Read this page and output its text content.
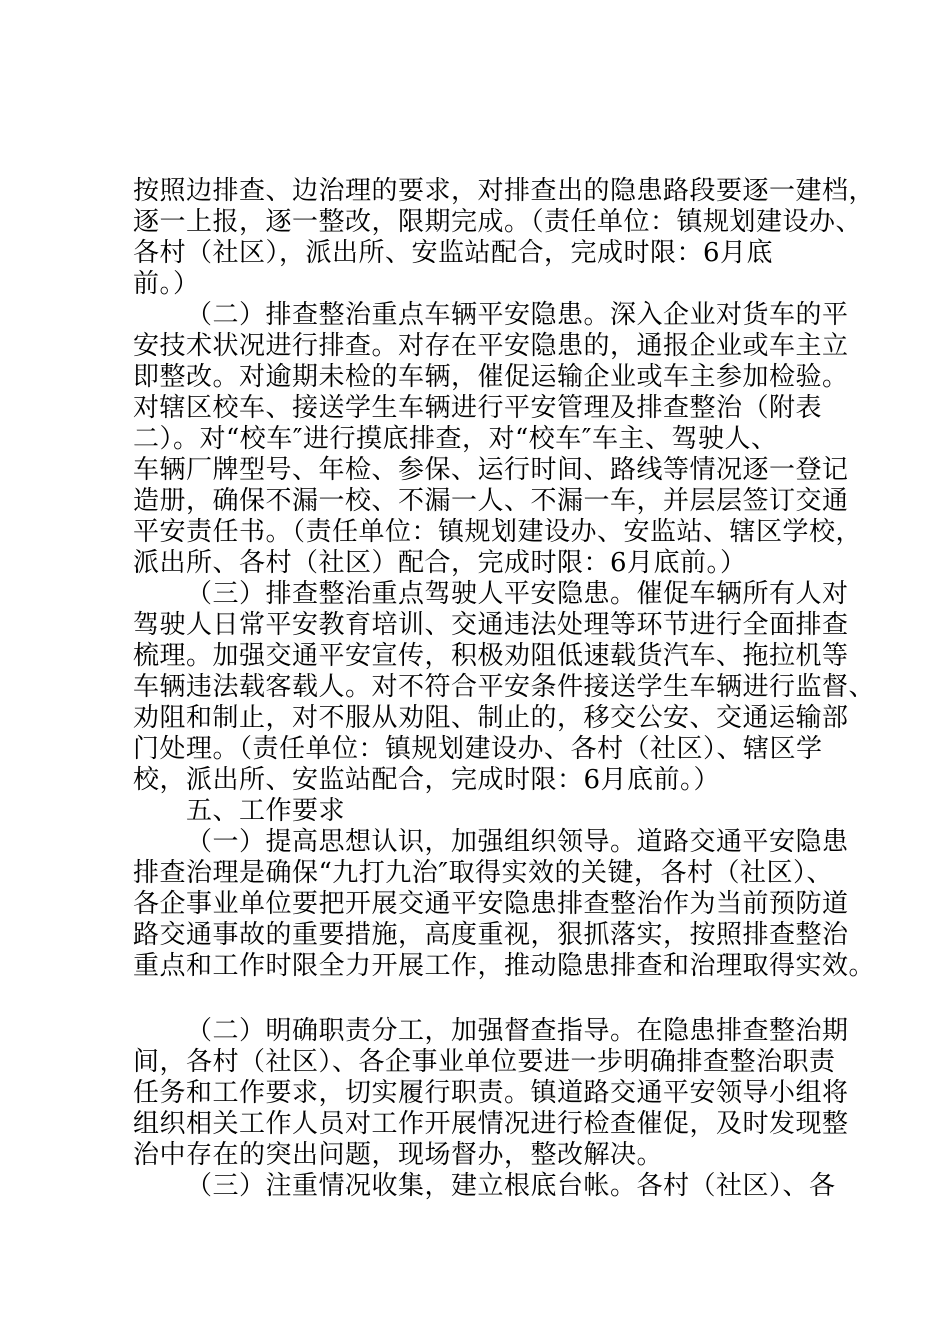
按照边排查、边治理的要求，对排查出的隐患路段要逐一建档，

逐一上报，逐一整改，限期完成。（责任单位：镇规划建设办、

各村（社区），派出所、安监站配合，完成时限：6月底

前。）

（二）排查整治重点车辆平安隐患。深入企业对货车的平

安技术状况进行排查。对存在平安隐患的，通报企业或车主立

即整改。对逾期未检的车辆，催促运输企业或车主参加检验。

对辖区校车、接送学生车辆进行平安管理及排查整治（附表

二）。对“校车″进行摸底排查，对“校车″车主、驾驶人、

车辆厂牌型号、年检、参保、运行时间、路线等情况逐一登记

造册，确保不漏一校、不漏一人、不漏一车，并层层签订交通

平安责任书。（责任单位：镇规划建设办、安监站、辖区学校，

派出所、各村（社区）配合，完成时限：6月底前。）

（三）排查整治重点驾驶人平安隐患。催促车辆所有人对

驾驶人日常平安教育培训、交通违法处理等环节进行全面排查

梳理。加强交通平安宣传，积极劝阻低速载货汽车、拖拉机等

车辆违法载客载人。对不符合平安条件接送学生车辆进行监督、

劝阻和制止，对不服从劝阻、制止的，移交公安、交通运输部

门处理。（责任单位：镇规划建设办、各村（社区）、辖区学

校，派出所、安监站配合，完成时限：6月底前。）

五、工作要求

（一）提高思想认识，加强组织领导。道路交通平安隐患

排查治理是确保“九打九治″取得实效的关键，各村（社区）、

各企事业单位要把开展交通平安隐患排查整治作为当前预防道

路交通事故的重要措施，高度重视，狠抓落实，按照排查整治

重点和工作时限全力开展工作，推动隐患排查和治理取得实效。

（二）明确职责分工，加强督查指导。在隐患排查整治期

间，各村（社区）、各企事业单位要进一步明确排查整治职责

任务和工作要求，切实履行职责。镇道路交通平安领导小组将

组织相关工作人员对工作开展情况进行检查催促，及时发现整

治中存在的突出问题，现场督办，整改解决。

（三）注重情况收集，建立根底台帐。各村（社区）、各
